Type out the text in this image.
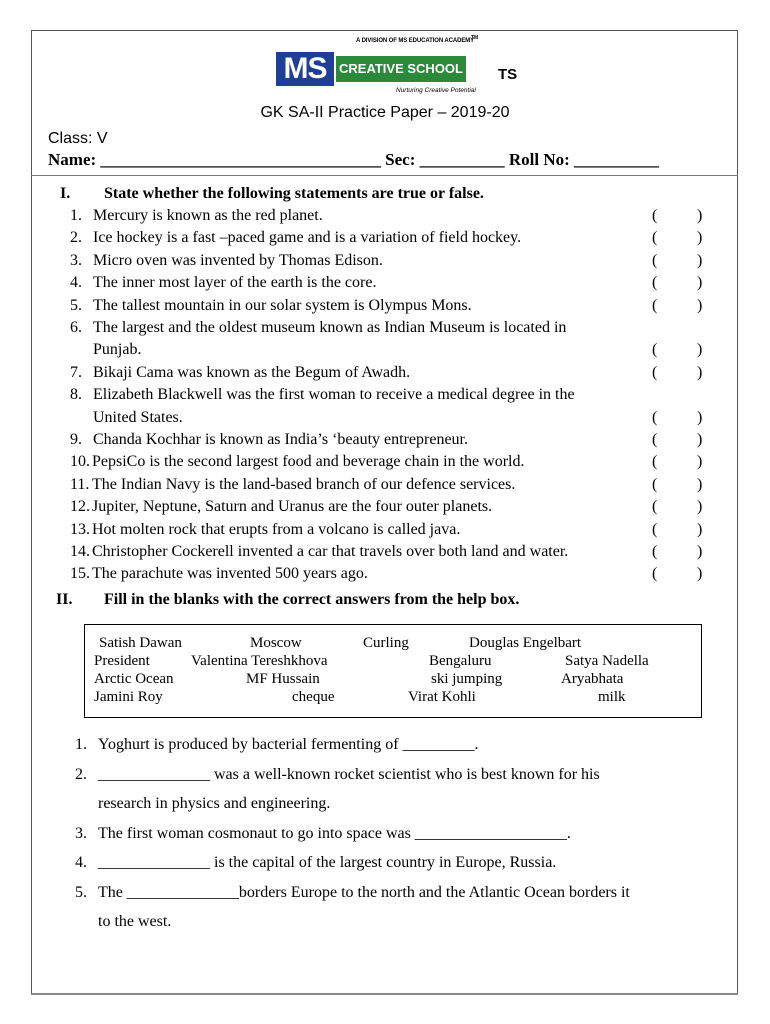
A DIVISION OF MS EDUCATION ACADEMY
TM
MS CREATIVE SCHOOL
Nurturing Creative Potential
TS
GK SA-II Practice Paper – 2019-20
Class: V
Name: _________________________________ Sec: __________ Roll No: __________
I. State whether the following statements are true or false.
1. Mercury is known as the red planet.	( )
2. Ice hockey is a fast –paced game and is a variation of field hockey.	( )
3. Micro oven was invented by Thomas Edison.	( )
4. The inner most layer of the earth is the core.	( )
5. The tallest mountain in our solar system is Olympus Mons.	( )
6. The largest and the oldest museum known as Indian Museum is located in
Punjab.	( )
7. Bikaji Cama was known as the Begum of Awadh.	( )
8. Elizabeth Blackwell was the first woman to receive a medical degree in the
United States.	( )
9. Chanda Kochhar is known as India’s ‘beauty entrepreneur.	( )
10. PepsiCo is the second largest food and beverage chain in the world.	( )
11. The Indian Navy is the land-based branch of our defence services.	( )
12. Jupiter, Neptune, Saturn and Uranus are the four outer planets.	( )
13. Hot molten rock that erupts from a volcano is called java.	( )
14. Christopher Cockerell invented a car that travels over both land and water.	( )
15. The parachute was invented 500 years ago.	( )
II. Fill in the blanks with the correct answers from the help box.
Satish Dawan	Moscow	Curling	Douglas Engelbart
President	Valentina Tereshkhova	Bengaluru	Satya Nadella
Arctic Ocean	MF Hussain	ski jumping	Aryabhata
Jamini Roy	cheque	Virat Kohli	milk
1. Yoghurt is produced by bacterial fermenting of _________.
2. ______________ was a well-known rocket scientist who is best known for his
research in physics and engineering.
3. The first woman cosmonaut to go into space was ___________________.
4. ______________ is the capital of the largest country in Europe, Russia.
5. The ______________borders Europe to the north and the Atlantic Ocean borders it
to the west.
